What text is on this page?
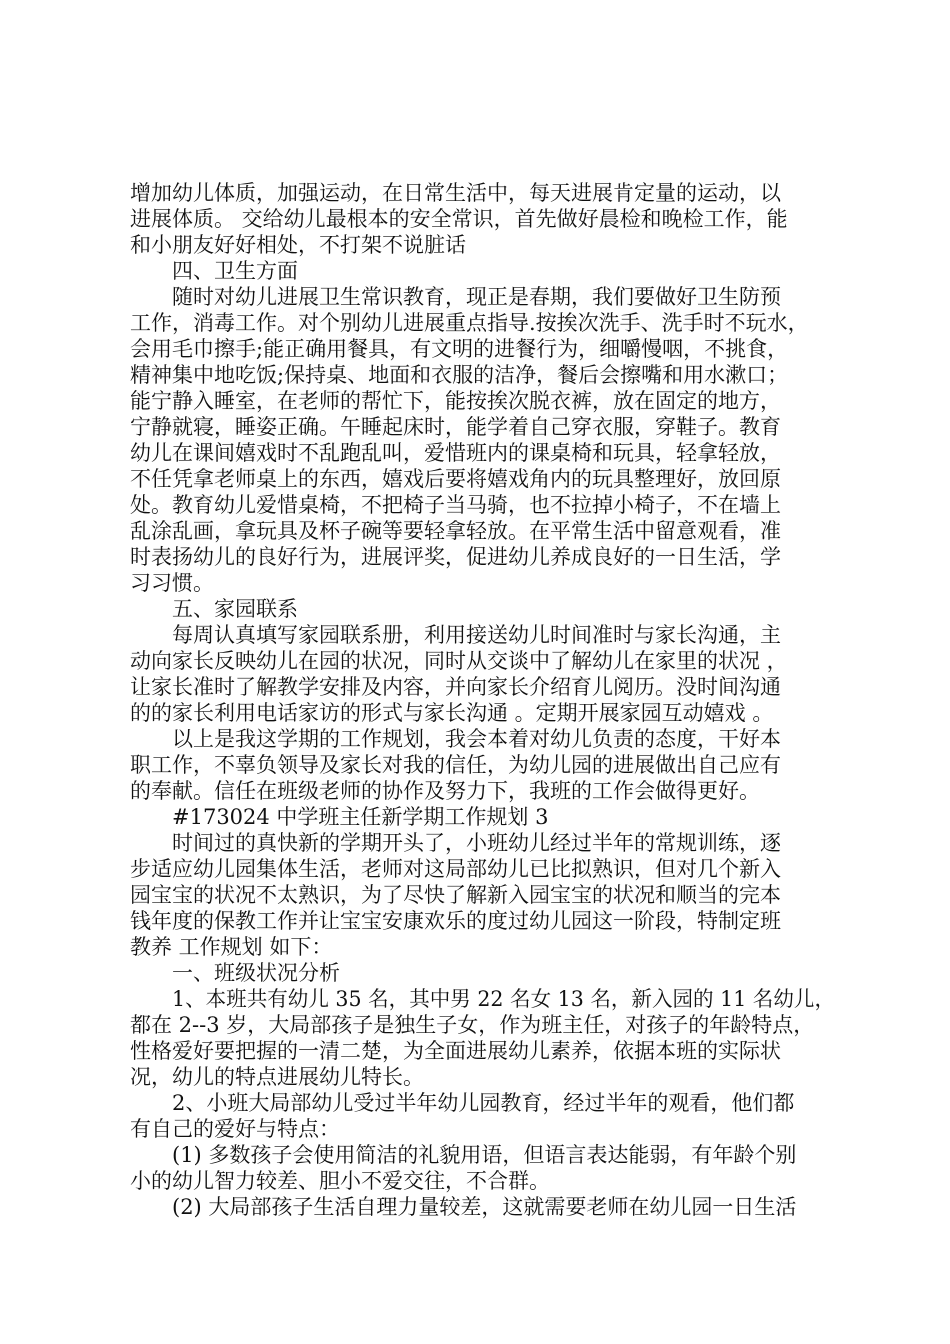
增加幼儿体质，加强运动，在日常生活中，每天进展肯定量的运动，以
进展体质。 交给幼儿最根本的安全常识，首先做好晨检和晚检工作，能
和小朋友好好相处，不打架不说脏话
四、卫生方面
随时对幼儿进展卫生常识教育，现正是春期，我们要做好卫生防预
工作，消毒工作。对个别幼儿进展重点指导.按挨次洗手、洗手时不玩水，
会用毛巾擦手;能正确用餐具，有文明的进餐行为，细嚼慢咽，不挑食，
精神集中地吃饭;保持桌、地面和衣服的洁净，餐后会擦嘴和用水漱口；
能宁静入睡室，在老师的帮忙下，能按挨次脱衣裤，放在固定的地方，
宁静就寝，睡姿正确。午睡起床时，能学着自己穿衣服，穿鞋子。教育
幼儿在课间嬉戏时不乱跑乱叫，爱惜班内的课桌椅和玩具，轻拿轻放，
不任凭拿老师桌上的东西，嬉戏后要将嬉戏角内的玩具整理好，放回原
处。教育幼儿爱惜桌椅，不把椅子当马骑，也不拉掉小椅子，不在墙上
乱涂乱画，拿玩具及杯子碗等要轻拿轻放。在平常生活中留意观看，准
时表扬幼儿的良好行为，进展评奖，促进幼儿养成良好的一日生活，学
习习惯。
五、家园联系
每周认真填写家园联系册，利用接送幼儿时间准时与家长沟通，主
动向家长反映幼儿在园的状况，同时从交谈中了解幼儿在家里的状况 ，
让家长准时了解教学安排及内容，并向家长介绍育儿阅历。没时间沟通
的的家长利用电话家访的形式与家长沟通 。定期开展家园互动嬉戏 。
以上是我这学期的工作规划，我会本着对幼儿负责的态度，干好本
职工作，不辜负领导及家长对我的信任，为幼儿园的进展做出自己应有
的奉献。信任在班级老师的协作及努力下，我班的工作会做得更好。
#173024 中学班主任新学期工作规划 3
时间过的真快新的学期开头了，小班幼儿经过半年的常规训练，逐
步适应幼儿园集体生活，老师对这局部幼儿已比拟熟识，但对几个新入
园宝宝的状况不太熟识，为了尽快了解新入园宝宝的状况和顺当的完本
钱年度的保教工作并让宝宝安康欢乐的度过幼儿园这一阶段，特制定班
教养 工作规划 如下：
一、班级状况分析
1、本班共有幼儿 35 名，其中男 22 名女 13 名，新入园的 11 名幼儿，
都在 2--3 岁，大局部孩子是独生子女，作为班主任，对孩子的年龄特点，
性格爱好要把握的一清二楚，为全面进展幼儿素养，依据本班的实际状
况，幼儿的特点进展幼儿特长。
2、小班大局部幼儿受过半年幼儿园教育，经过半年的观看，他们都
有自己的爱好与特点：
(1) 多数孩子会使用简洁的礼貌用语，但语言表达能弱，有年龄个别
小的幼儿智力较差、胆小不爱交往，不合群。
(2) 大局部孩子生活自理力量较差，这就需要老师在幼儿园一日生活
